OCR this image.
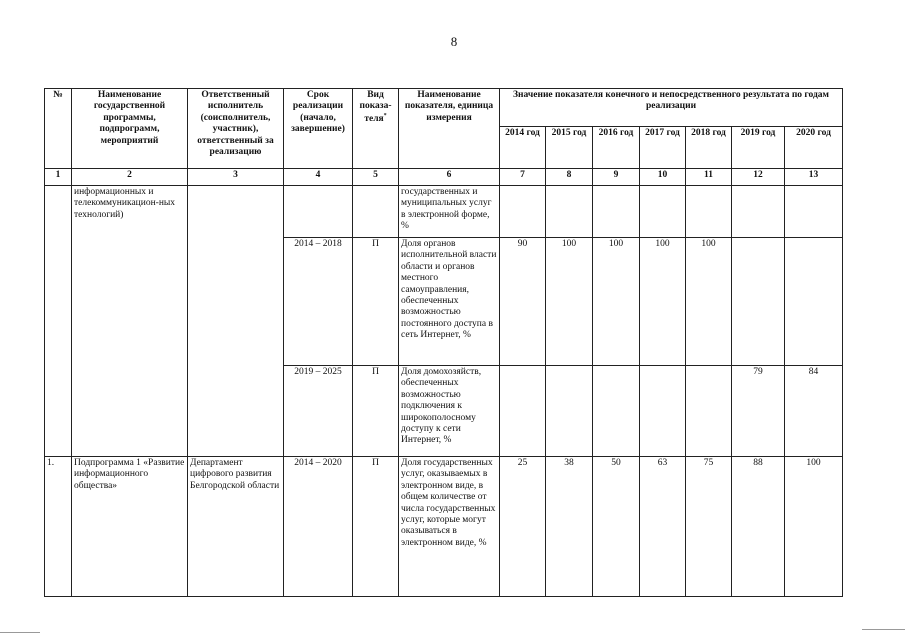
8
№	Наименование государственной программы, подпрограмм, мероприятий	Ответственный исполнитель (соисполнитель, участник), ответственный за реализацию	Срок реализации (начало, завершение)	Вид показа-теля*	Наименование показателя, единица измерения	Значение показателя конечного и непосредственного результата по годам реализации						
						2014 год	2015 год	2016 год	2017 год	2018 год	2019 год	2020 год
1	2	3	4	5	6	7	8	9	10	11	12	13
	информационных и телекоммуникацион-ных технологий)				государственных и муниципальных услуг в электронной форме, %							
			2014 – 2018	П	Доля органов исполнительной власти области и органов местного самоуправления, обеспеченных возможностью постоянного доступа в сеть Интернет, %	90	100	100	100	100		
			2019 – 2025	П	Доля домохозяйств, обеспеченных возможностью подключения к широкополосному доступу к сети Интернет, %						79	84
1.	Подпрограмма 1 «Развитие информационного общества»	Департамент цифрового развития Белгородской области	2014 – 2020	П	Доля государственных услуг, оказываемых в электронном виде, в общем количестве от числа государственных услуг, которые могут оказываться в электронном виде, %	25	38	50	63	75	88	100
